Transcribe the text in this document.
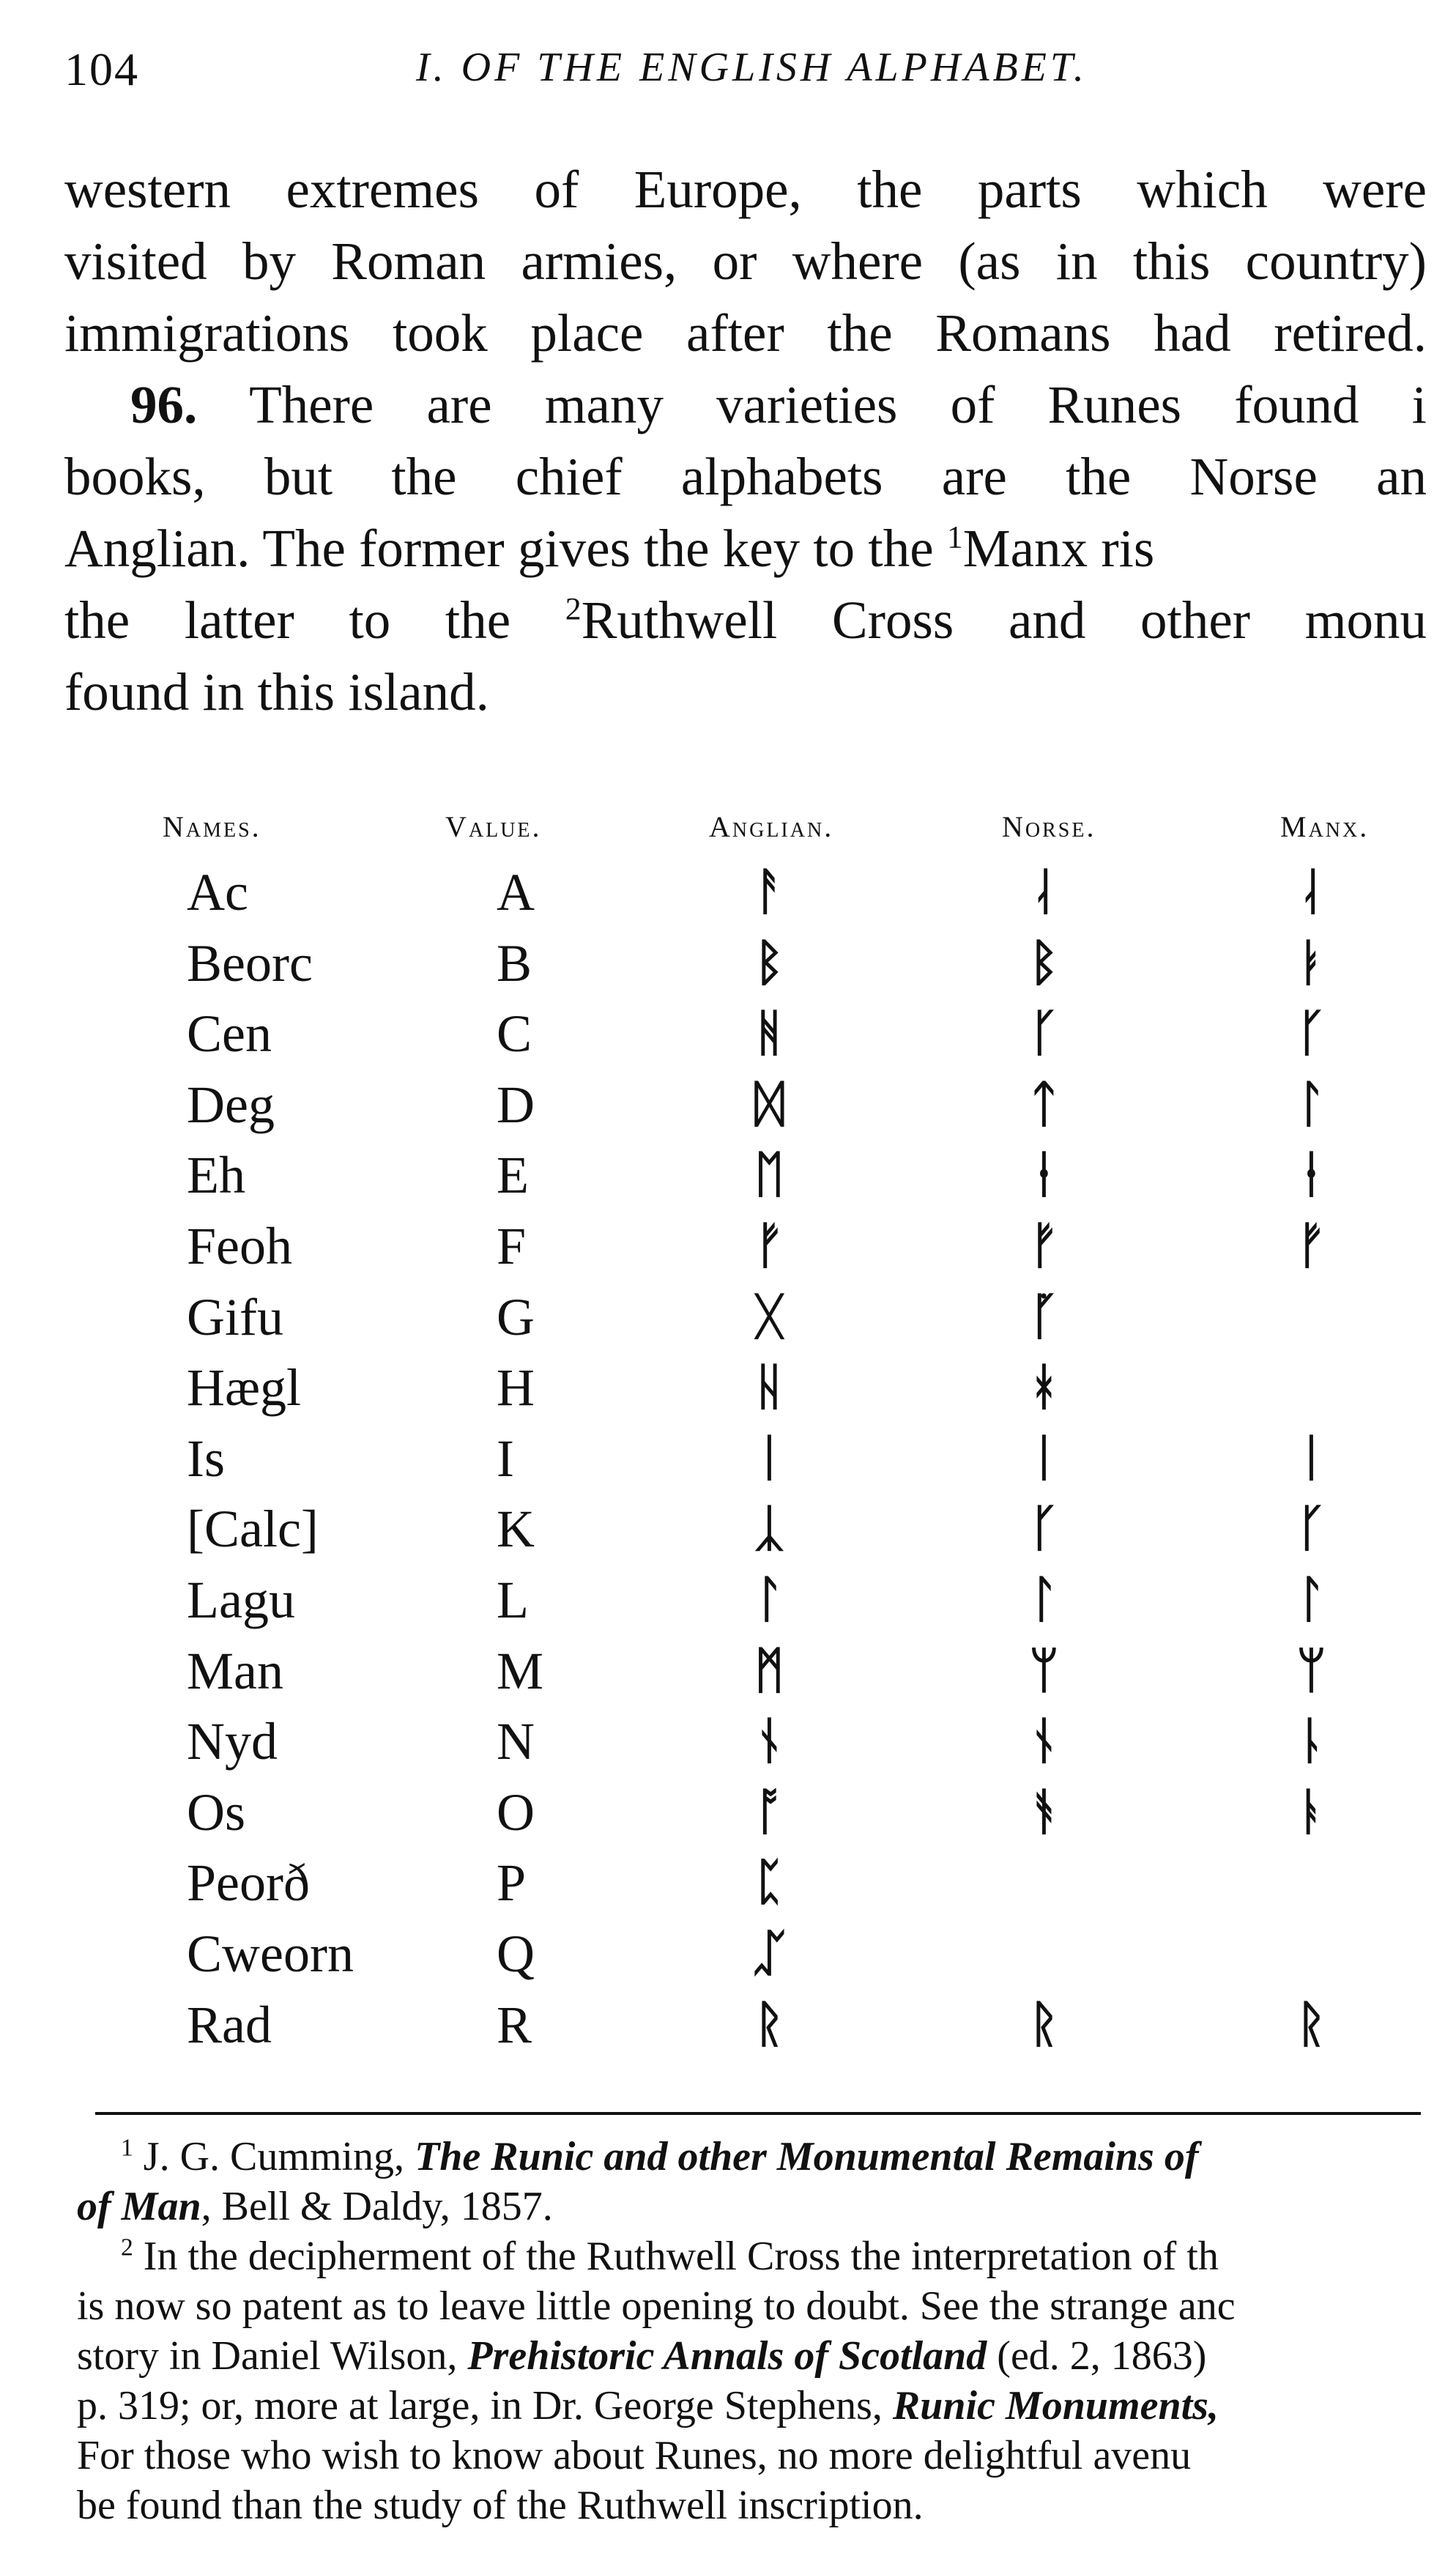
104	I. OF THE ENGLISH ALPHABET.
western extremes of Europe, the parts which were
visited by Roman armies, or where (as in this country)
immigrations took place after the Romans had retired.
96. There are many varieties of Runes found i
books, but the chief alphabets are the Norse an
Anglian. The former gives the key to the $^1$Manx ris
the latter to the $^2$Ruthwell Cross and other monu
found in this island.
Names.	Value.	Anglian.	Norse.	Manx.
Ac	A	ᚨ	ᛆ	ᛆ
Beorc	B	ᛒ	ᛒ	ᛓ
Cen	C	ᚻ	ᚴ	ᚴ
Deg	D	ᛞ	ᛏ	ᛚ
Eh	E	ᛖ	ᛂ	ᛂ
Feoh	F	ᚠ	ᚠ	ᚠ
Gifu	G	ᚷ	ᚵ
Hægl	H	ᚺ	ᚼ
Is	I	ᛁ	ᛁ	ᛁ
[Calc]	K	ᛣ	ᚴ	ᚴ
Lagu	L	ᛚ	ᛚ	ᛚ
Man	M	ᛗ	ᛘ	ᛘ
Nyd	N	ᚾ	ᚾ	ᚿ
Os	O	ᚩ	ᚬ	ᚭ
Peorð	P	ᛈ
Cweorn	Q	ᛢ
Rad	R	ᚱ	ᚱ	ᚱ
$^1$ J. G. Cumming, The Runic and other Monumental Remains of
of Man, Bell & Daldy, 1857.
$^2$ In the decipherment of the Ruthwell Cross the interpretation of th
is now so patent as to leave little opening to doubt. See the strange anc
story in Daniel Wilson, Prehistoric Annals of Scotland (ed. 2, 1863)
p. 319; or, more at large, in Dr. George Stephens, Runic Monuments,
For those who wish to know about Runes, no more delightful avenu
be found than the study of the Ruthwell inscription.
